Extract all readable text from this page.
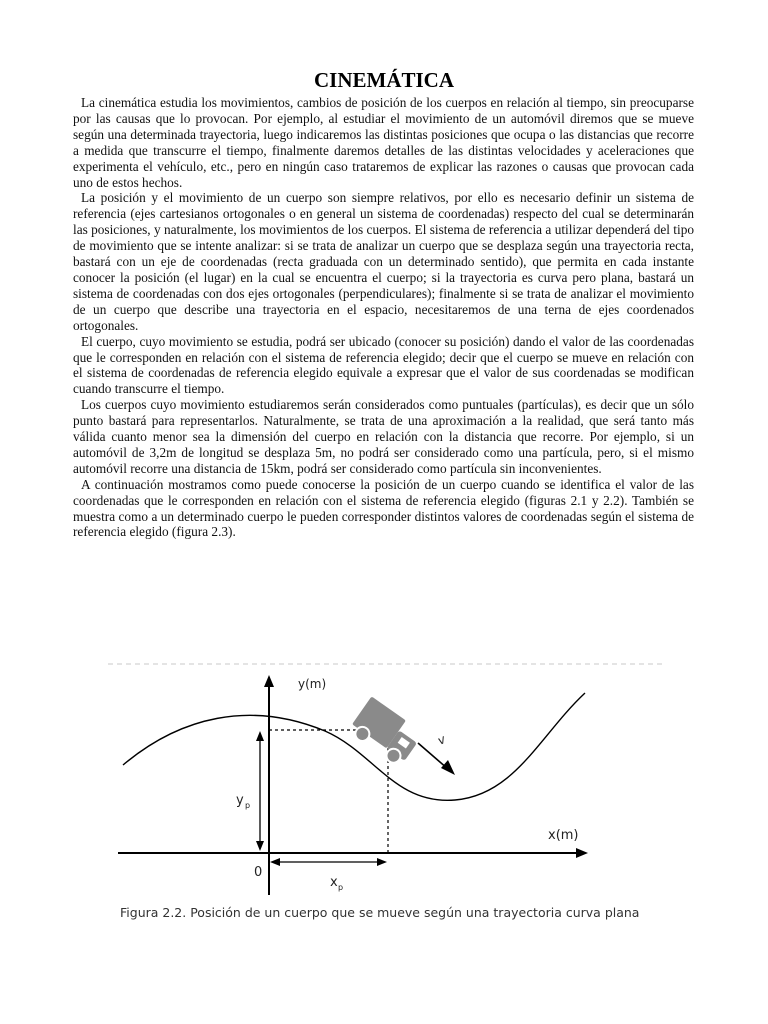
CINEMÁTICA

La cinemática estudia los movimientos, cambios de posición de los cuerpos en relación al tiempo, sin preocuparse por las causas que lo provocan. Por ejemplo, al estudiar el movimiento de un automóvil diremos que se mueve según una determinada trayectoria, luego indicaremos las distintas posiciones que ocupa o las distancias que recorre a medida que transcurre el tiempo, finalmente daremos detalles de las distintas velocidades y aceleraciones que experimenta el vehículo, etc., pero en ningún caso trataremos de explicar las razones o causas que provocan cada uno de estos hechos.

La posición y el movimiento de un cuerpo son siempre relativos, por ello es necesario definir un sistema de referencia (ejes cartesianos ortogonales o en general un sistema de coordenadas) respecto del cual se determinarán las posiciones, y naturalmente, los movimientos de los cuerpos. El sistema de referencia a utilizar dependerá del tipo de movimiento que se intente analizar: si se trata de analizar un cuerpo que se desplaza según una trayectoria recta, bastará con un eje de coordenadas (recta graduada con un determinado sentido), que permita en cada instante conocer la posición (el lugar) en la cual se encuentra el cuerpo; si la trayectoria es curva pero plana, bastará un sistema de coordenadas con dos ejes ortogonales (perpendiculares); finalmente si se trata de analizar el movimiento de un cuerpo que describe una trayectoria en el espacio, necesitaremos de una terna de ejes coordenados ortogonales.

El cuerpo, cuyo movimiento se estudia, podrá ser ubicado (conocer su posición) dando el valor de las coordenadas que le corresponden en relación con el sistema de referencia elegido; decir que el cuerpo se mueve en relación con el sistema de coordenadas de referencia elegido equivale a expresar que el valor de sus coordenadas se modifican cuando transcurre el tiempo.

Los cuerpos cuyo movimiento estudiaremos serán considerados como puntuales (partículas), es decir que un sólo punto bastará para representarlos. Naturalmente, se trata de una aproximación a la realidad, que será tanto más válida cuanto menor sea la dimensión del cuerpo en relación con la distancia que recorre. Por ejemplo, si un automóvil de 3,2m de longitud se desplaza 5m, no podrá ser considerado como una partícula, pero, si el mismo automóvil recorre una distancia de 15km, podrá ser considerado como partícula sin inconvenientes.

A continuación mostramos como puede conocerse la posición de un cuerpo cuando se identifica el valor de las coordenadas que le corresponden en relación con el sistema de referencia elegido (figuras 2.1 y 2.2). También se muestra como a un determinado cuerpo le pueden corresponder distintos valores de coordenadas según el sistema de referencia elegido (figura 2.3).

y(m)
x(m)
0
y p
x p
v
Figura 2.2. Posición de un cuerpo que se mueve según una trayectoria curva plana
